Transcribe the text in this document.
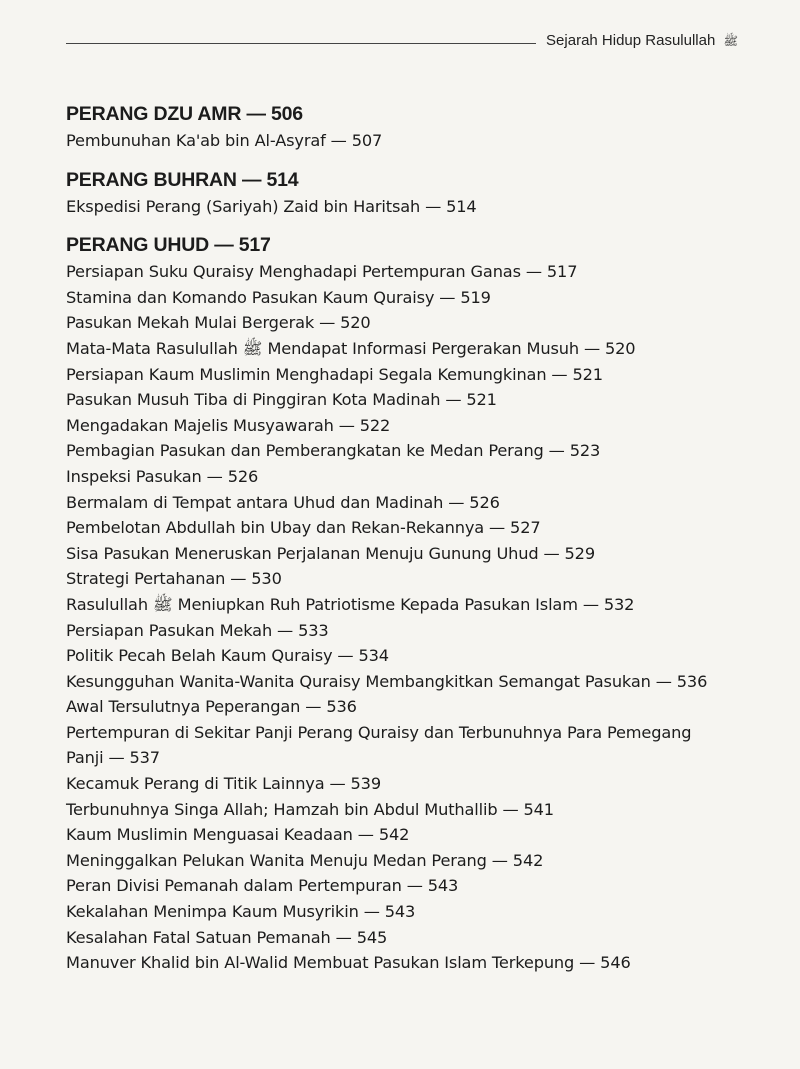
Sejarah Hidup Rasulullah ﷺ
PERANG DZU AMR — 506
Pembunuhan Ka'ab bin Al-Asyraf — 507
PERANG BUHRAN — 514
Ekspedisi Perang (Sariyah) Zaid bin Haritsah — 514
PERANG UHUD — 517
Persiapan Suku Quraisy Menghadapi Pertempuran Ganas — 517
Stamina dan Komando Pasukan Kaum Quraisy — 519
Pasukan Mekah Mulai Bergerak — 520
Mata-Mata Rasulullah ﷺ Mendapat Informasi Pergerakan Musuh — 520
Persiapan Kaum Muslimin Menghadapi Segala Kemungkinan — 521
Pasukan Musuh Tiba di Pinggiran Kota Madinah — 521
Mengadakan Majelis Musyawarah — 522
Pembagian Pasukan dan Pemberangkatan ke Medan Perang — 523
Inspeksi Pasukan — 526
Bermalam di Tempat antara Uhud dan Madinah — 526
Pembelotan Abdullah bin Ubay dan Rekan-Rekannya — 527
Sisa Pasukan Meneruskan Perjalanan Menuju Gunung Uhud — 529
Strategi Pertahanan — 530
Rasulullah ﷺ Meniupkan Ruh Patriotisme Kepada Pasukan Islam — 532
Persiapan Pasukan Mekah — 533
Politik Pecah Belah Kaum Quraisy — 534
Kesungguhan Wanita-Wanita Quraisy Membangkitkan Semangat Pasukan — 536
Awal Tersulutnya Peperangan — 536
Pertempuran di Sekitar Panji Perang Quraisy dan Terbunuhnya Para Pemegang Panji — 537
Kecamuk Perang di Titik Lainnya — 539
Terbunuhnya Singa Allah; Hamzah bin Abdul Muthallib — 541
Kaum Muslimin Menguasai Keadaan — 542
Meninggalkan Pelukan Wanita Menuju Medan Perang — 542
Peran Divisi Pemanah dalam Pertempuran — 543
Kekalahan Menimpa Kaum Musyrikin — 543
Kesalahan Fatal Satuan Pemanah — 545
Manuver Khalid bin Al-Walid Membuat Pasukan Islam Terkepung — 546
